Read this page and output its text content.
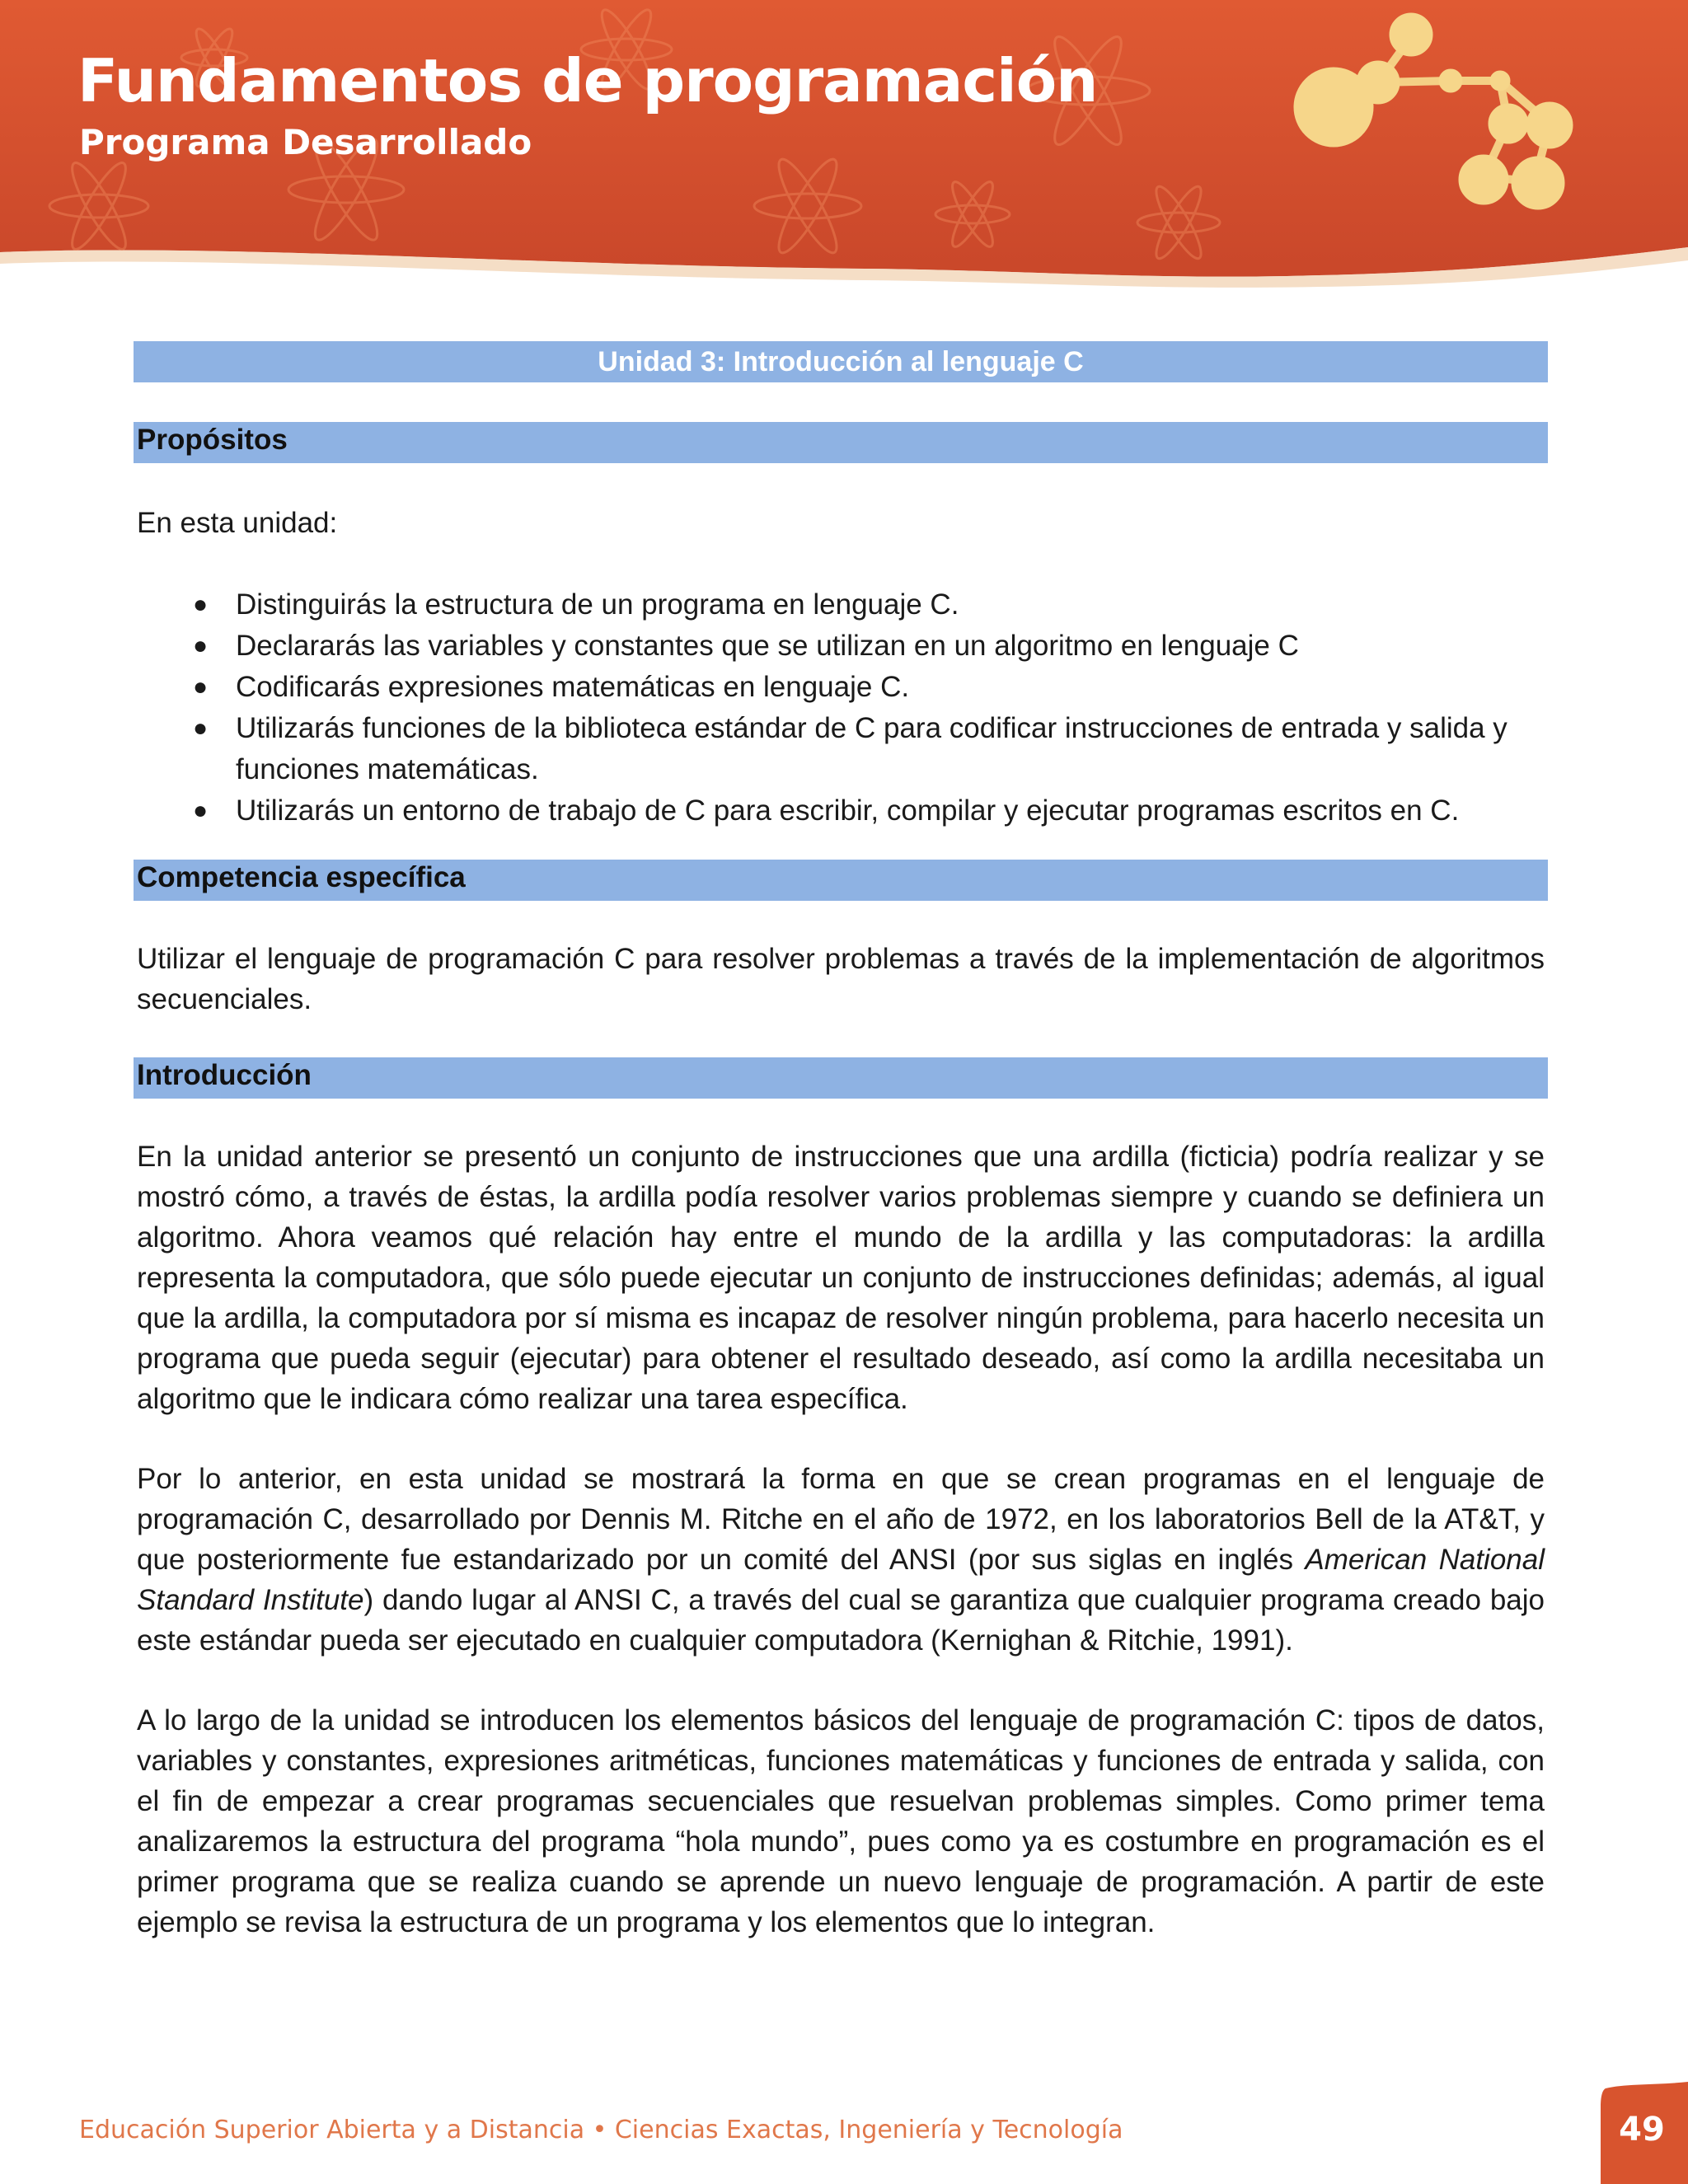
Fundamentos de programación
Programa Desarrollado
Unidad 3: Introducción al lenguaje C
Propósitos

En esta unidad:

● Distinguirás la estructura de un programa en lenguaje C.
● Declararás las variables y constantes que se utilizan en un algoritmo en lenguaje C
● Codificarás expresiones matemáticas en lenguaje C.
● Utilizarás funciones de la biblioteca estándar de C para codificar instrucciones de entrada y salida y funciones matemáticas.
● Utilizarás un entorno de trabajo de C para escribir, compilar y ejecutar programas escritos en C.
Competencia específica

Utilizar el lenguaje de programación C para resolver problemas a través de la implementación de algoritmos secuenciales.

Introducción

En la unidad anterior se presentó un conjunto de instrucciones que una ardilla (ficticia) podría realizar y se mostró cómo, a través de éstas, la ardilla podía resolver varios problemas siempre y cuando se definiera un algoritmo. Ahora veamos qué relación hay entre el mundo de la ardilla y las computadoras: la ardilla representa la computadora, que sólo puede ejecutar un conjunto de instrucciones definidas; además, al igual que la ardilla, la computadora por sí misma es incapaz de resolver ningún problema, para hacerlo necesita un programa que pueda seguir (ejecutar) para obtener el resultado deseado, así como la ardilla necesitaba un algoritmo que le indicara cómo realizar una tarea específica.

Por lo anterior, en esta unidad se mostrará la forma en que se crean programas en el lenguaje de programación C, desarrollado por Dennis M. Ritche en el año de 1972, en los laboratorios Bell de la AT&T, y que posteriormente fue estandarizado por un comité del ANSI (por sus siglas en inglés American National Standard Institute) dando lugar al ANSI C, a través del cual se garantiza que cualquier programa creado bajo este estándar pueda ser ejecutado en cualquier computadora (Kernighan & Ritchie, 1991).

A lo largo de la unidad se introducen los elementos básicos del lenguaje de programación C: tipos de datos, variables y constantes, expresiones aritméticas, funciones matemáticas y funciones de entrada y salida, con el fin de empezar a crear programas secuenciales que resuelvan problemas simples. Como primer tema analizaremos la estructura del programa “hola mundo”, pues como ya es costumbre en programación es el primer programa que se realiza cuando se aprende un nuevo lenguaje de programación. A partir de este ejemplo se revisa la estructura de un programa y los elementos que lo integran.

Educación Superior Abierta y a Distancia • Ciencias Exactas, Ingeniería y Tecnología	49
